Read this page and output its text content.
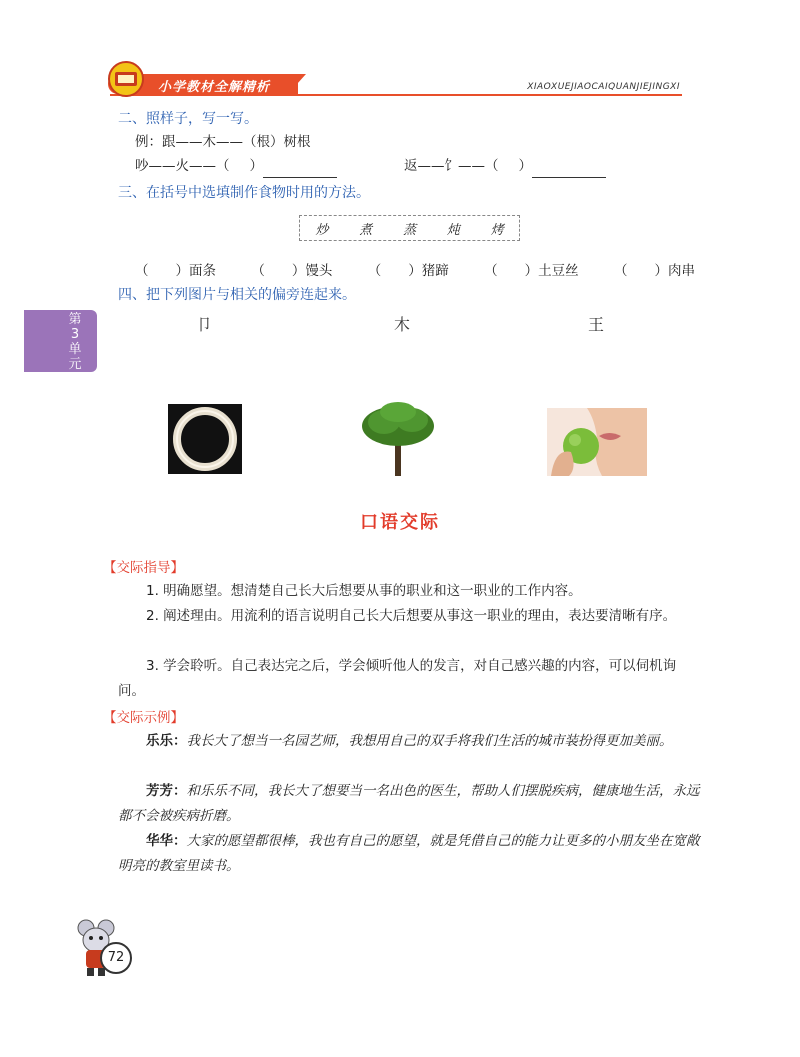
小学教材全解精析	XIAOXUEJIAOCAIQUANJIEJINGXI
第
3
单
元
二、照样子，写一写。
例：跟——木——（根）树根
吵——火——（ ）	返——饣——（ ）
三、在括号中选填制作食物时用的方法。
炒 煮 蒸 炖 烤
（　　）面条	（　　）馒头	（　　）猪蹄	（　　）土豆丝	（　　）肉串
四、把下列图片与相关的偏旁连起来。
卩	木	王
口语交际
【交际指导】
1. 明确愿望。想清楚自己长大后想要从事的职业和这一职业的工作内容。
2. 阐述理由。用流利的语言说明自己长大后想要从事这一职业的理由，表达要清晰有序。
3. 学会聆听。自己表达完之后，学会倾听他人的发言，对自己感兴趣的内容，可以伺机询问。
【交际示例】
乐乐：我长大了想当一名园艺师，我想用自己的双手将我们生活的城市装扮得更加美丽。
芳芳：和乐乐不同，我长大了想要当一名出色的医生，帮助人们摆脱疾病，健康地生活，永远都不会被疾病折磨。
华华：大家的愿望都很棒，我也有自己的愿望，就是凭借自己的能力让更多的小朋友坐在宽敞明亮的教室里读书。
72
